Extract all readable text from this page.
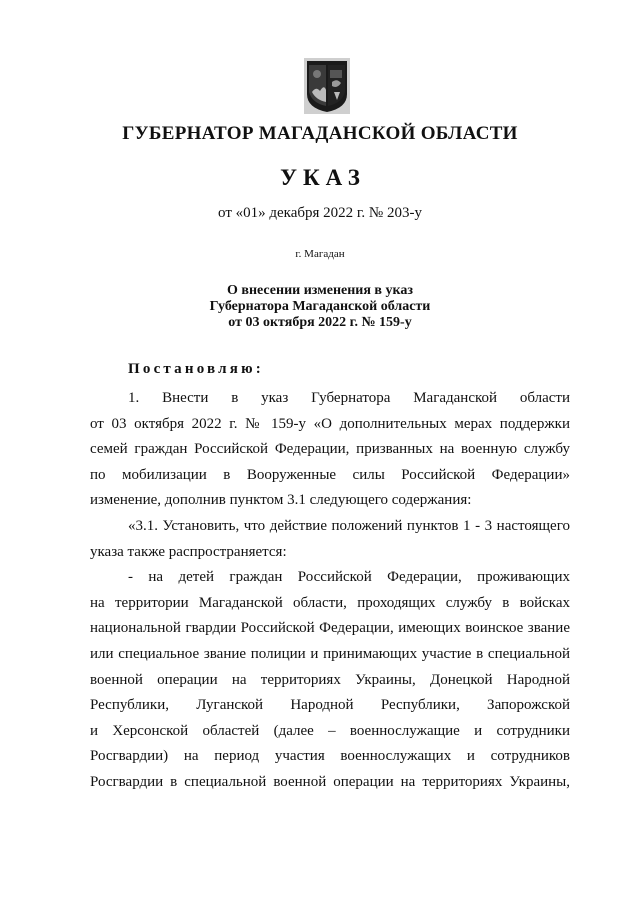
ГУБЕРНАТОР МАГАДАНСКОЙ ОБЛАСТИ
УКАЗ
от «01» декабря 2022 г. № 203-у
г. Магадан
О внесении изменения в указ
Губернатора Магаданской области
от 03 октября 2022 г. № 159-у
Постановляю:

1. Внести в указ Губернатора Магаданской области

от 03 октября 2022 г. № 159-у «О дополнительных мерах поддержки

семей граждан Российской Федерации, призванных на военную службу

по мобилизации в Вооруженные силы Российской Федерации»

изменение, дополнив пунктом 3.1 следующего содержания:

«3.1. Установить, что действие положений пунктов 1 - 3 настоящего

указа также распространяется:

- на детей граждан Российской Федерации, проживающих

на территории Магаданской области, проходящих службу в войсках

национальной гвардии Российской Федерации, имеющих воинское звание

или специальное звание полиции и принимающих участие в специальной

военной операции на территориях Украины, Донецкой Народной

Республики, Луганской Народной Республики, Запорожской

и Херсонской областей (далее – военнослужащие и сотрудники

Росгвардии) на период участия военнослужащих и сотрудников

Росгвардии в специальной военной операции на территориях Украины,
